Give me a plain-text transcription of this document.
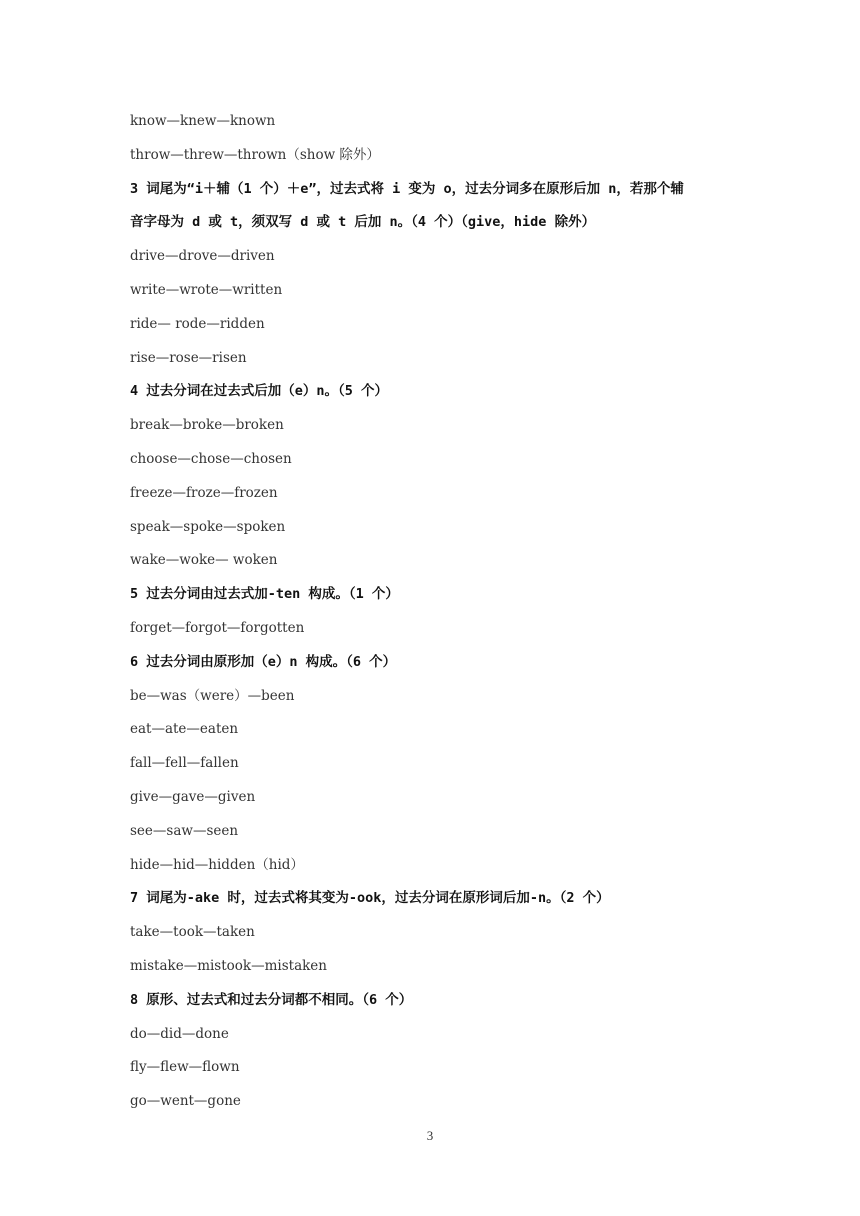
know—knew—known
throw—threw—thrown（show 除外）
3 词尾为“i＋辅（1 个）＋e”，过去式将 i 变为 o，过去分词多在原形后加 n，若那个辅
音字母为 d 或 t，须双写 d 或 t 后加 n。（4 个）（give，hide 除外）
drive—drove—driven
write—wrote—written
ride— rode—ridden
rise—rose—risen
4 过去分词在过去式后加（e）n。（5 个）
break—broke—broken
choose—chose—chosen
freeze—froze—frozen
speak—spoke—spoken
wake—woke— woken
5 过去分词由过去式加-ten 构成。（1 个）
forget—forgot—forgotten
6 过去分词由原形加（e）n 构成。（6 个）
be—was（were）—been
eat—ate—eaten
fall—fell—fallen
give—gave—given
see—saw—seen
hide—hid—hidden（hid）
7 词尾为-ake 时，过去式将其变为-ook，过去分词在原形词后加-n。（2 个）
take—took—taken
mistake—mistook—mistaken
8 原形、过去式和过去分词都不相同。（6 个）
do—did—done
fly—flew—flown
go—went—gone
3
